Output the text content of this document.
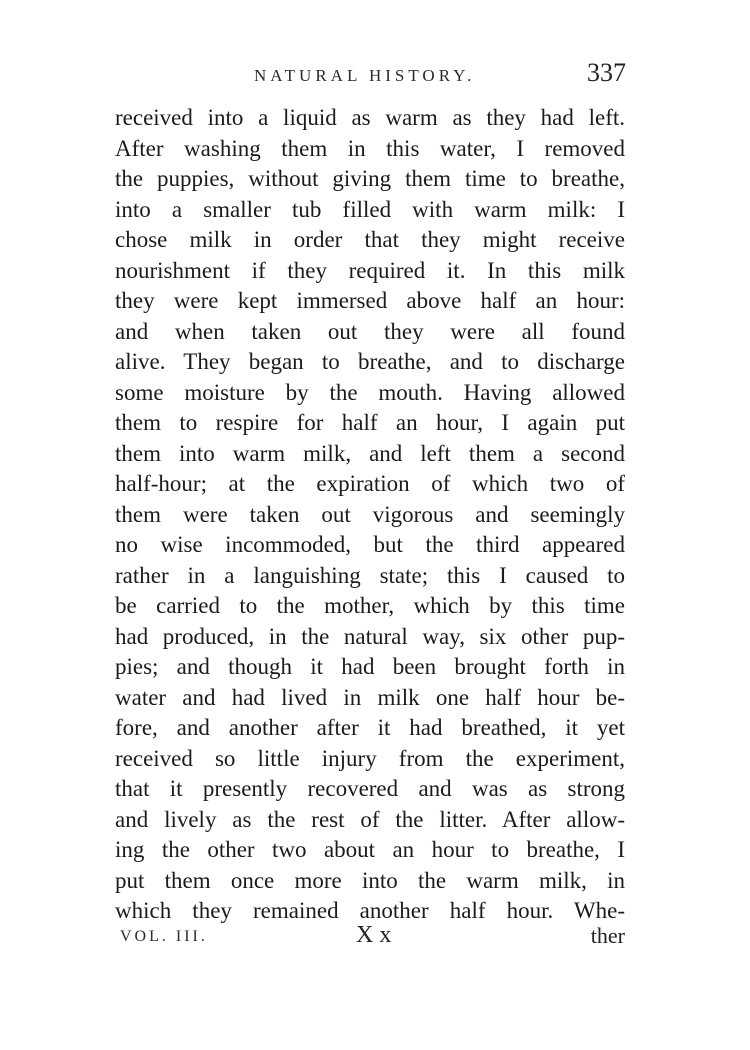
NATURAL HISTORY.	337
received into a liquid as warm as they had left.
After washing them in this water, I removed
the puppies, without giving them time to breathe,
into a smaller tub filled with warm milk: I
chose milk in order that they might receive
nourishment if they required it. In this milk
they were kept immersed above half an hour:
and when taken out they were all found
alive. They began to breathe, and to discharge
some moisture by the mouth. Having allowed
them to respire for half an hour, I again put
them into warm milk, and left them a second
half-hour; at the expiration of which two of
them were taken out vigorous and seemingly
no wise incommoded, but the third appeared
rather in a languishing state; this I caused to
be carried to the mother, which by this time
had produced, in the natural way, six other pup-
pies; and though it had been brought forth in
water and had lived in milk one half hour be-
fore, and another after it had breathed, it yet
received so little injury from the experiment,
that it presently recovered and was as strong
and lively as the rest of the litter. After allow-
ing the other two about an hour to breathe, I
put them once more into the warm milk, in
which they remained another half hour. Whe-
VOL. III.	X x	ther
